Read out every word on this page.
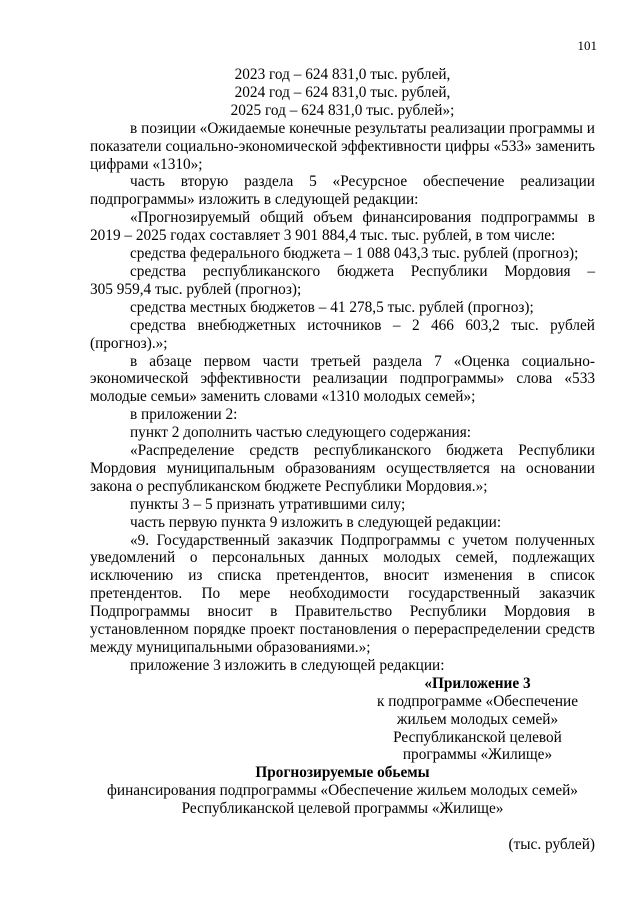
101

2023 год – 624 831,0 тыс. рублей,

2024 год – 624 831,0 тыс. рублей,

2025 год – 624 831,0 тыс. рублей»;

в позиции «Ожидаемые конечные результаты реализации программы и показатели социально-экономической эффективности цифры «533» заменить цифрами «1310»;

часть вторую раздела 5 «Ресурсное обеспечение реализации подпрограммы» изложить в следующей редакции:

«Прогнозируемый общий объем финансирования подпрограммы в 2019 – 2025 годах составляет 3 901 884,4 тыс. тыс. рублей, в том числе:

средства федерального бюджета – 1 088 043,3 тыс. рублей (прогноз);

средства республиканского бюджета Республики Мордовия –

305 959,4 тыс. рублей (прогноз);

средства местных бюджетов – 41 278,5 тыс. рублей (прогноз);

средства внебюджетных источников – 2 466 603,2 тыс. рублей

(прогноз).»;

в абзаце первом части третьей раздела 7 «Оценка социально-экономической эффективности реализации подпрограммы» слова «533 молодые семьи» заменить словами «1310 молодых семей»;

в приложении 2:

пункт 2 дополнить частью следующего содержания:

«Распределение средств республиканского бюджета Республики Мордовия муниципальным образованиям осуществляется на основании закона о республиканском бюджете Республики Мордовия.»;

пункты 3 – 5 признать утратившими силу;

часть первую пункта 9 изложить в следующей редакции:

«9. Государственный заказчик Подпрограммы с учетом полученных уведомлений о персональных данных молодых семей, подлежащих исключению из списка претендентов, вносит изменения в список претендентов. По мере необходимости государственный заказчик Подпрограммы вносит в Правительство Республики Мордовия в установленном порядке проект постановления о перераспределении средств между муниципальными образованиями.»;

приложение 3 изложить в следующей редакции:

«Приложение 3
к подпрограмме «Обеспечение
жильем молодых семей»
Республиканской целевой
программы «Жилище»

Прогнозируемые обьемы

финансирования подпрограммы «Обеспечение жильем молодых семей»

Республиканской целевой программы «Жилище»

(тыс. рублей)
